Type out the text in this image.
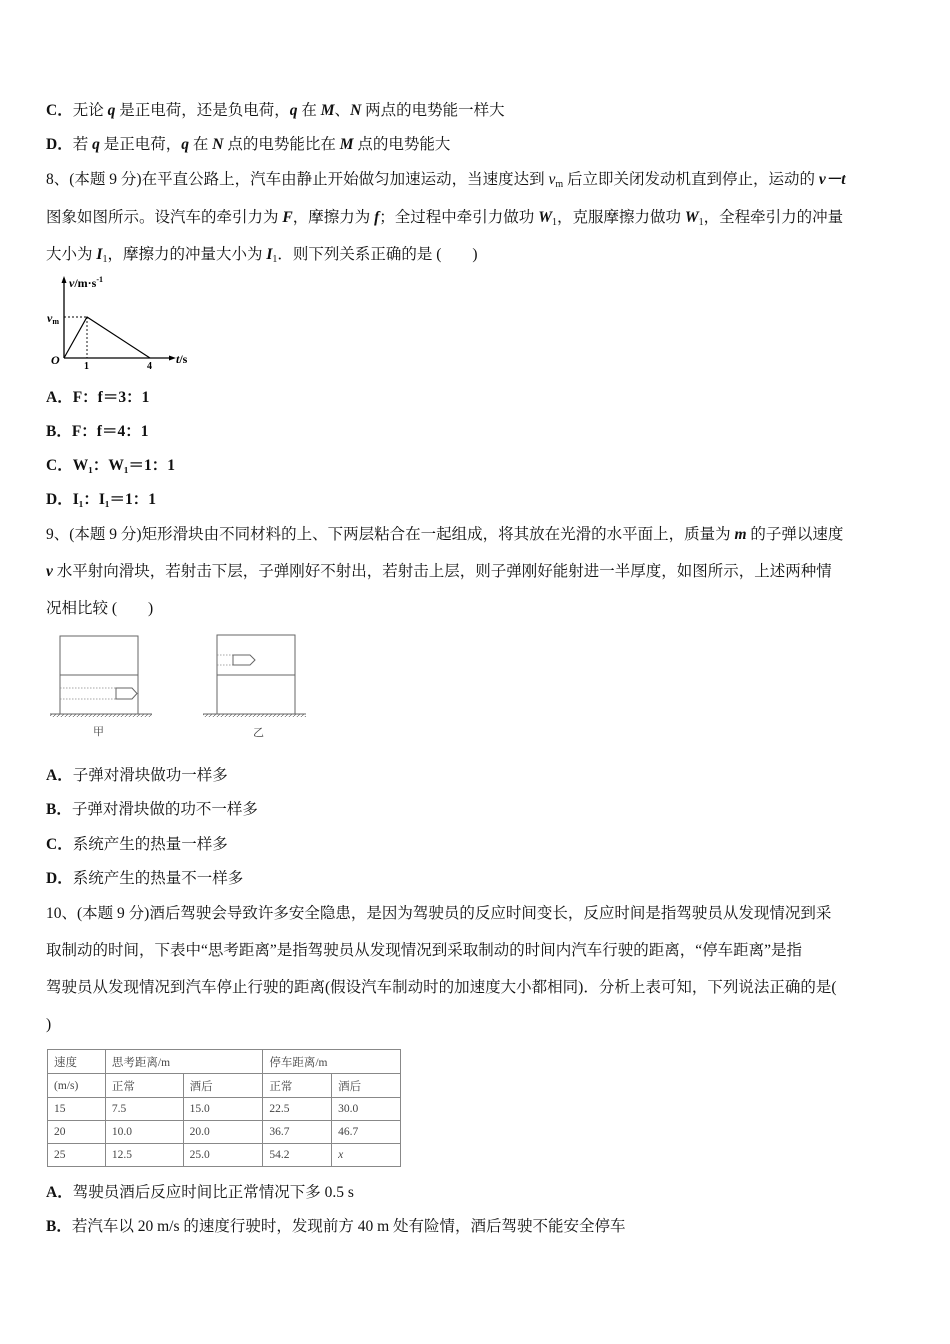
C．无论 q 是正电荷，还是负电荷，q 在 M、N 两点的电势能一样大
D．若 q 是正电荷，q 在 N 点的电势能比在 M 点的电势能大
8、(本题 9 分)在平直公路上，汽车由静止开始做匀加速运动，当速度达到 $v_m$ 后立即关闭发动机直到停止，运动的 v－t
图象如图所示。设汽车的牵引力为 F，摩擦力为 f；全过程中牵引力做功 $W_1$，克服摩擦力做功 $W_1$，全程牵引力的冲量
大小为 $I_1$，摩擦力的冲量大小为 $I_1$．则下列关系正确的是 (　　)
$v/m\cdot s^{-1}$
vm
O 1	4
t/s
A．F：f＝3：1
B．F：f＝4：1
C．W₁：W₁＝1：1
D．I₁：I₁＝1：1
9、(本题 9 分)矩形滑块由不同材料的上、下两层粘合在一起组成，将其放在光滑的水平面上，质量为 m 的子弹以速度
v 水平射向滑块，若射击下层，子弹刚好不射出，若射击上层，则子弹刚好能射进一半厚度，如图所示，上述两种情
况相比较 (　　)
甲	乙
A．子弹对滑块做功一样多
B．子弹对滑块做的功不一样多
C．系统产生的热量一样多
D．系统产生的热量不一样多
10、(本题 9 分)酒后驾驶会导致许多安全隐患，是因为驾驶员的反应时间变长，反应时间是指驾驶员从发现情况到采
取制动的时间，下表中“思考距离”是指驾驶员从发现情况到采取制动的时间内汽车行驶的距离，“停车距离”是指
驾驶员从发现情况到汽车停止行驶的距离(假设汽车制动时的加速度大小都相同)．分析上表可知，下列说法正确的是(
)
速度	思考距离/m		停车距离/m	
(m/s)	正常	酒后	正常	酒后
15	7.5	15.0	22.5	30.0
20	10.0	20.0	36.7	46.7
25	12.5	25.0	54.2	x
A．驾驶员酒后反应时间比正常情况下多 0.5 s
B．若汽车以 20 m/s 的速度行驶时，发现前方 40 m 处有险情，酒后驾驶不能安全停车
